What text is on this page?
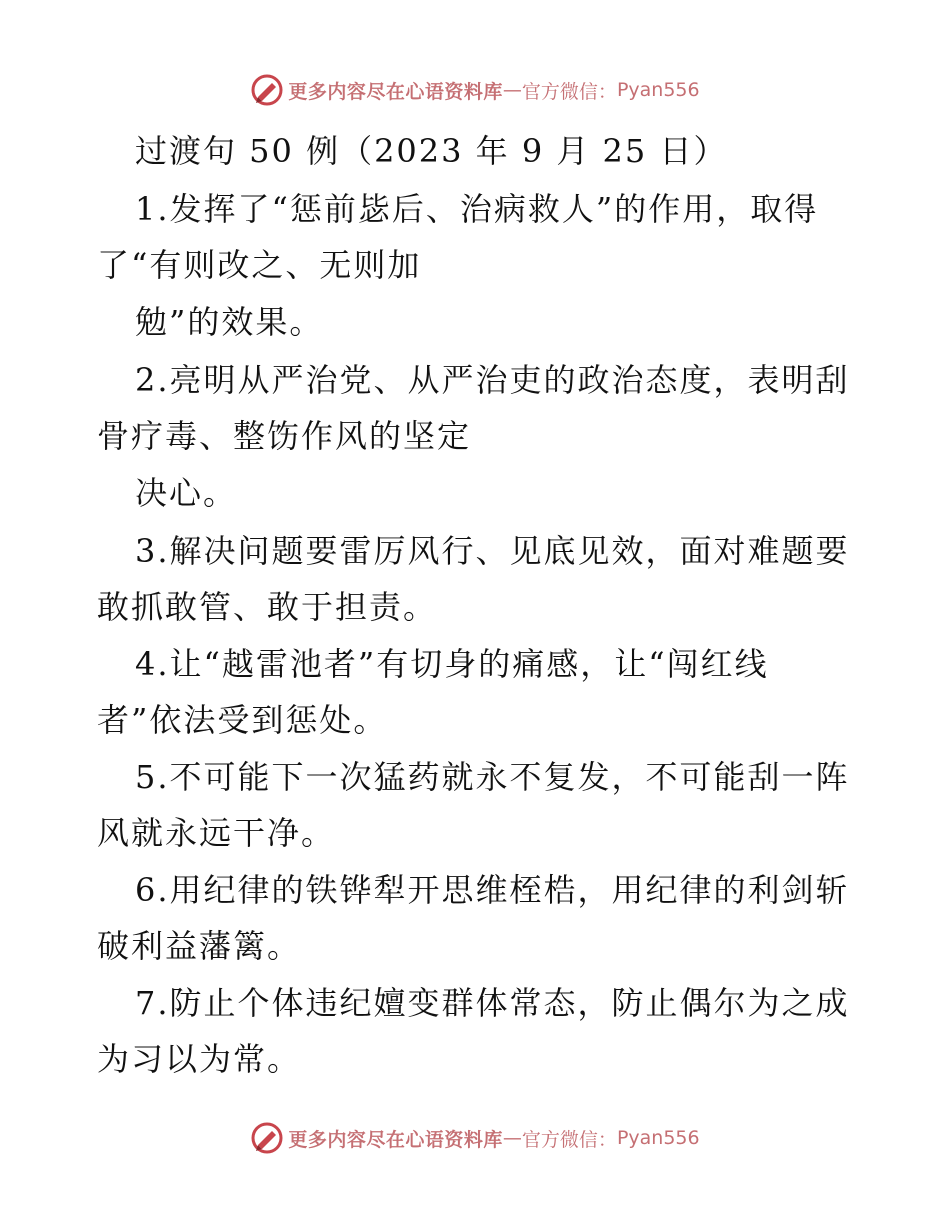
更多内容尽在心语资料库 — 官方微信： Pyan556
过渡句 50 例（2023 年 9 月 25 日）
1.发挥了“惩前毖后、治病救人”的作用，取得
了“有则改之、无则加
勉”的效果。
2.亮明从严治党、从严治吏的政治态度，表明刮
骨疗毒、整饬作风的坚定
决心。
3.解决问题要雷厉风行、见底见效，面对难题要
敢抓敢管、敢于担责。
4.让“越雷池者”有切身的痛感，让“闯红线
者”依法受到惩处。
5.不可能下一次猛药就永不复发，不可能刮一阵
风就永远干净。
6.用纪律的铁铧犁开思维桎梏，用纪律的利剑斩
破利益藩篱。
7.防止个体违纪嬗变群体常态，防止偶尔为之成
为习以为常。
更多内容尽在心语资料库 — 官方微信： Pyan556
